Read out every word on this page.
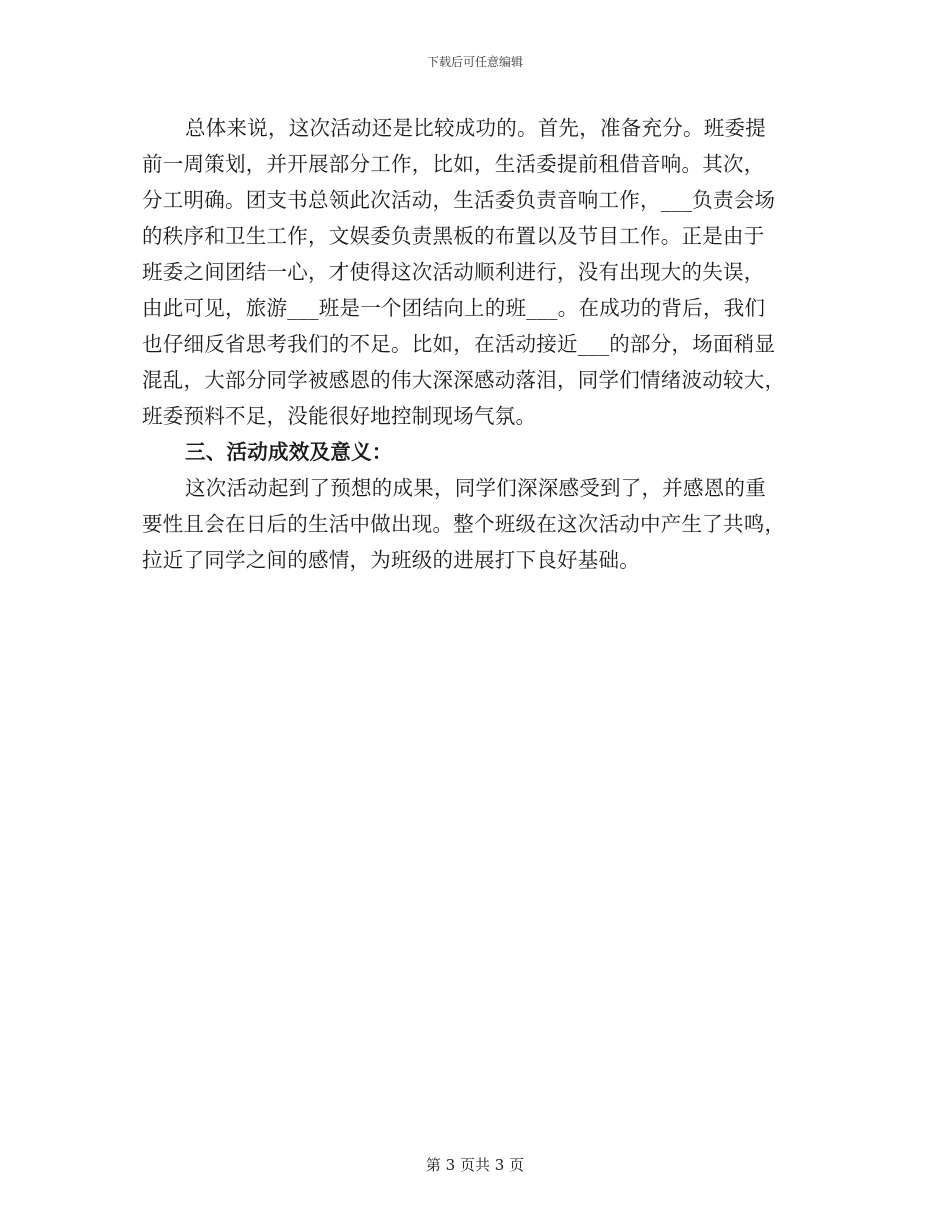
下载后可任意编辑
总体来说，这次活动还是比较成功的。首先，准备充分。班委提
前一周策划，并开展部分工作，比如，生活委提前租借音响。其次，
分工明确。团支书总领此次活动，生活委负责音响工作，___负责会场
的秩序和卫生工作，文娱委负责黑板的布置以及节目工作。正是由于
班委之间团结一心，才使得这次活动顺利进行，没有出现大的失误，
由此可见，旅游___班是一个团结向上的班___。在成功的背后，我们
也仔细反省思考我们的不足。比如，在活动接近___的部分，场面稍显
混乱，大部分同学被感恩的伟大深深感动落泪，同学们情绪波动较大，
班委预料不足，没能很好地控制现场气氛。
三、活动成效及意义：
这次活动起到了预想的成果，同学们深深感受到了，并感恩的重
要性且会在日后的生活中做出现。整个班级在这次活动中产生了共鸣，
拉近了同学之间的感情，为班级的进展打下良好基础。
第 3 页共 3 页
